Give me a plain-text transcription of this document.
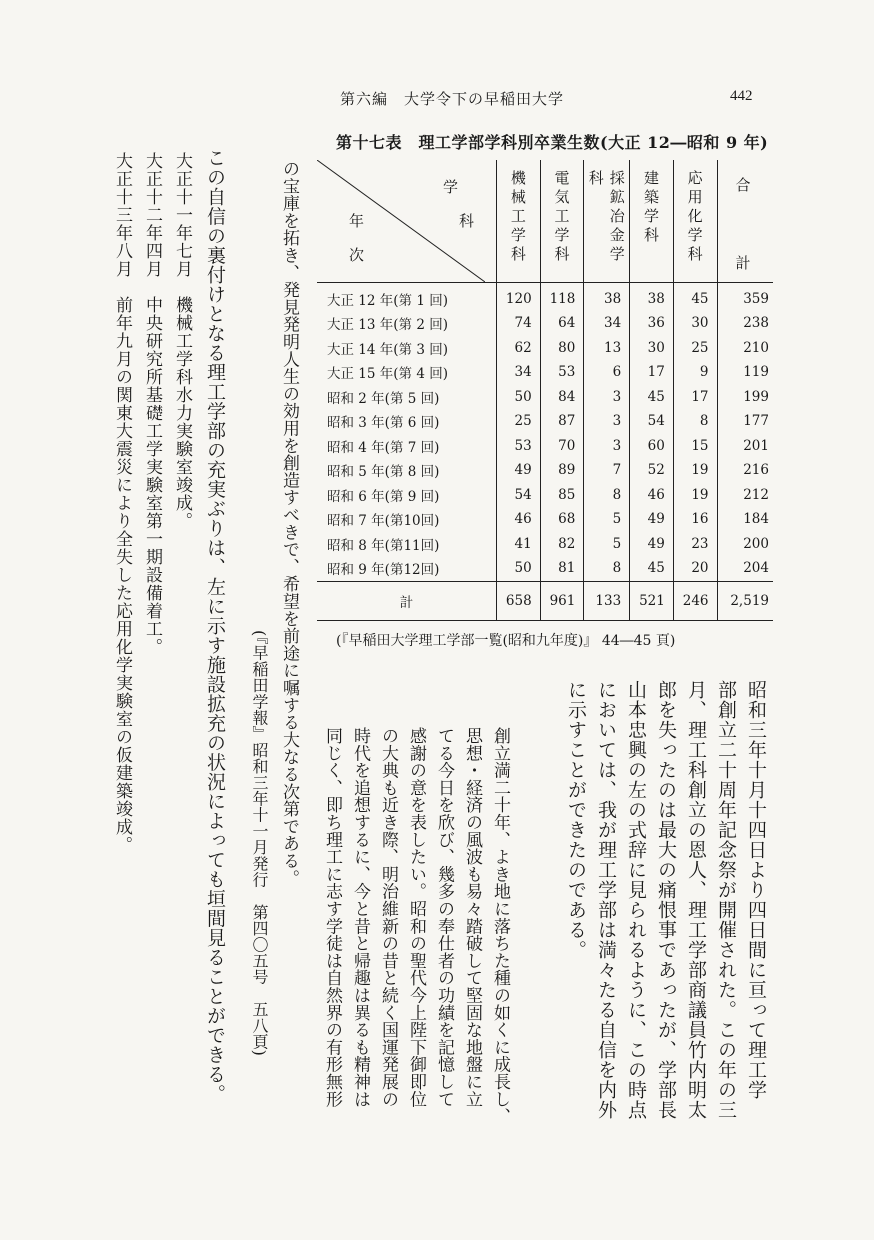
第六編　大学令下の早稲田大学	442
第十七表　理工学部学科別卒業生数(大正 12―昭和 9 年)
学
科
年
次	機械工学科	電気工学科	採鉱冶金学科	建築学科	応用化学科	合
計

大正 12 年(第 1 回)	120	118	38	38	45	359
大正 13 年(第 2 回)	74	64	34	36	30	238
大正 14 年(第 3 回)	62	80	13	30	25	210
大正 15 年(第 4 回)	34	53	6	17	9	119
昭和 2 年(第 5 回)	50	84	3	45	17	199
昭和 3 年(第 6 回)	25	87	3	54	8	177
昭和 4 年(第 7 回)	53	70	3	60	15	201
昭和 5 年(第 8 回)	49	89	7	52	19	216
昭和 6 年(第 9 回)	54	85	8	46	19	212
昭和 7 年(第10回)	46	68	5	49	16	184
昭和 8 年(第11回)	41	82	5	49	23	200
昭和 9 年(第12回)	50	81	8	45	20	204
計	658	961	133	521	246	2,519
(『早稲田大学理工学部一覧(昭和九年度)』 44―45 頁)
昭和三年十月十四日より四日間に亘って理工学
部創立二十周年記念祭が開催された。この年の三
月、理工科創立の恩人、理工学部商議員竹内明太
郎を失ったのは最大の痛恨事であったが、学部長
山本忠興の左の式辞に見られるように、この時点
においては、我が理工学部は満々たる自信を内外
に示すことができたのである。
創立満二十年、よき地に落ちた種の如くに成長し、
思想・経済の風波も易々踏破して堅固な地盤に立
てる今日を欣び、幾多の奉仕者の功績を記憶して
感謝の意を表したい。昭和の聖代今上陛下御即位
の大典も近き際、明治維新の昔と続く国運発展の
時代を追想するに、今と昔と帰趣は異るも精神は
同じく、即ち理工に志す学徒は自然界の有形無形
の宝庫を拓き、発見発明人生の効用を創造すべきで、希望を前途に嘱する大なる次第である。
(『早稲田学報』昭和三年十一月発行　第四〇五号　五八頁)
この自信の裏付けとなる理工学部の充実ぶりは、左に示す施設拡充の状況によっても垣間見ることができる。
大正十一年七月
機械工学科水力実験室竣成。
大正十二年四月
中央研究所基礎工学実験室第一期設備着工。
大正十三年八月
前年九月の関東大震災により全失した応用化学実験室の仮建築竣成。
